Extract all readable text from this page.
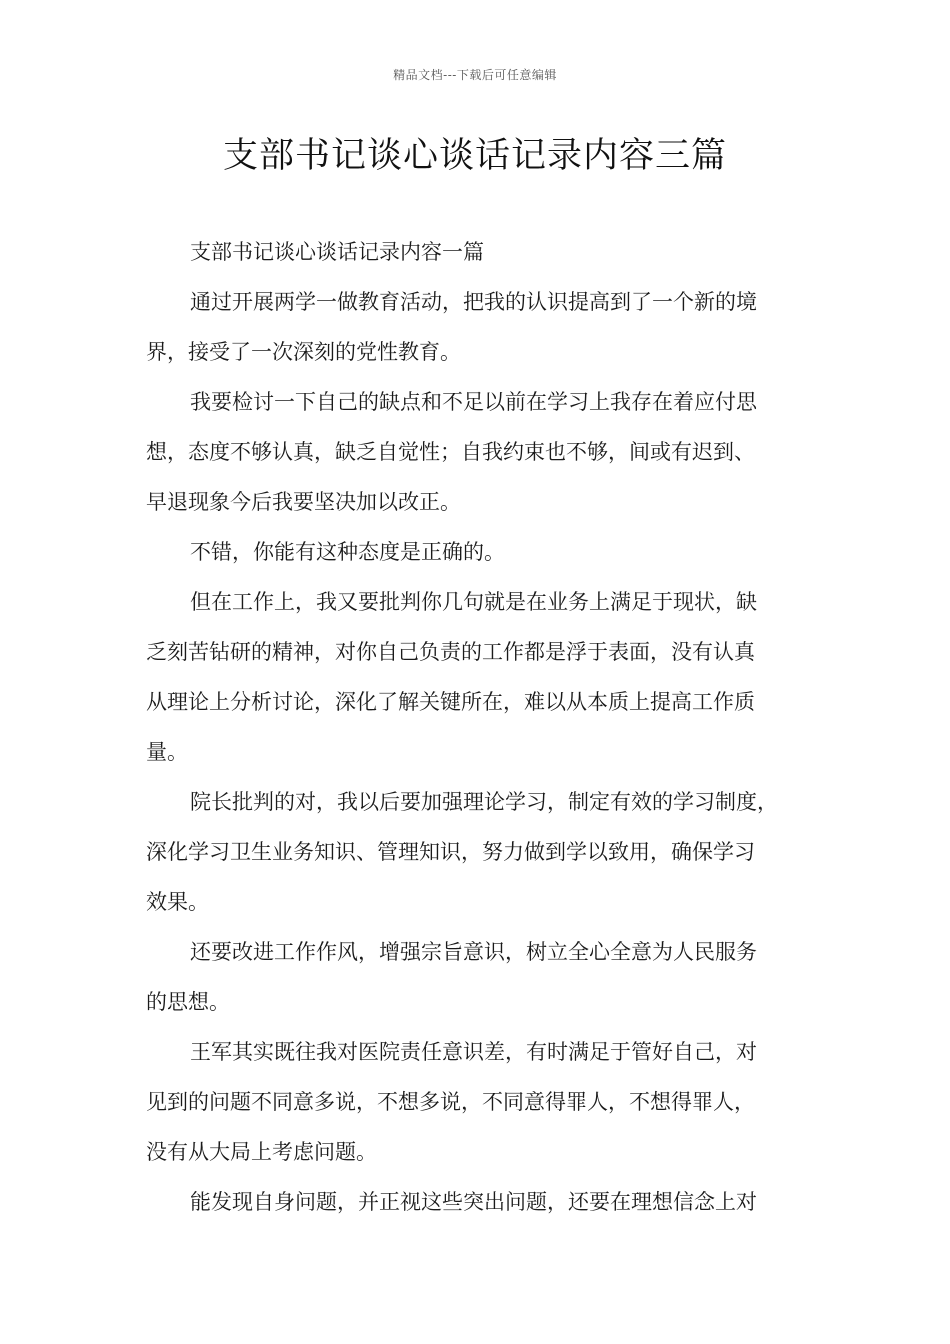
精品文档---下载后可任意编辑
支部书记谈心谈话记录内容三篇

支部书记谈心谈话记录内容一篇

通过开展两学一做教育活动，把我的认识提高到了一个新的境
界，接受了一次深刻的党性教育。

我要检讨一下自己的缺点和不足以前在学习上我存在着应付思
想，态度不够认真，缺乏自觉性；自我约束也不够，间或有迟到、
早退现象今后我要坚决加以改正。

不错，你能有这种态度是正确的。

但在工作上，我又要批判你几句就是在业务上满足于现状，缺
乏刻苦钻研的精神，对你自己负责的工作都是浮于表面，没有认真
从理论上分析讨论，深化了解关键所在，难以从本质上提高工作质
量。

院长批判的对，我以后要加强理论学习，制定有效的学习制度，
深化学习卫生业务知识、管理知识，努力做到学以致用，确保学习
效果。

还要改进工作作风，增强宗旨意识，树立全心全意为人民服务
的思想。

王军其实既往我对医院责任意识差，有时满足于管好自己，对
见到的问题不同意多说，不想多说，不同意得罪人，不想得罪人，
没有从大局上考虑问题。

能发现自身问题，并正视这些突出问题，还要在理想信念上对
